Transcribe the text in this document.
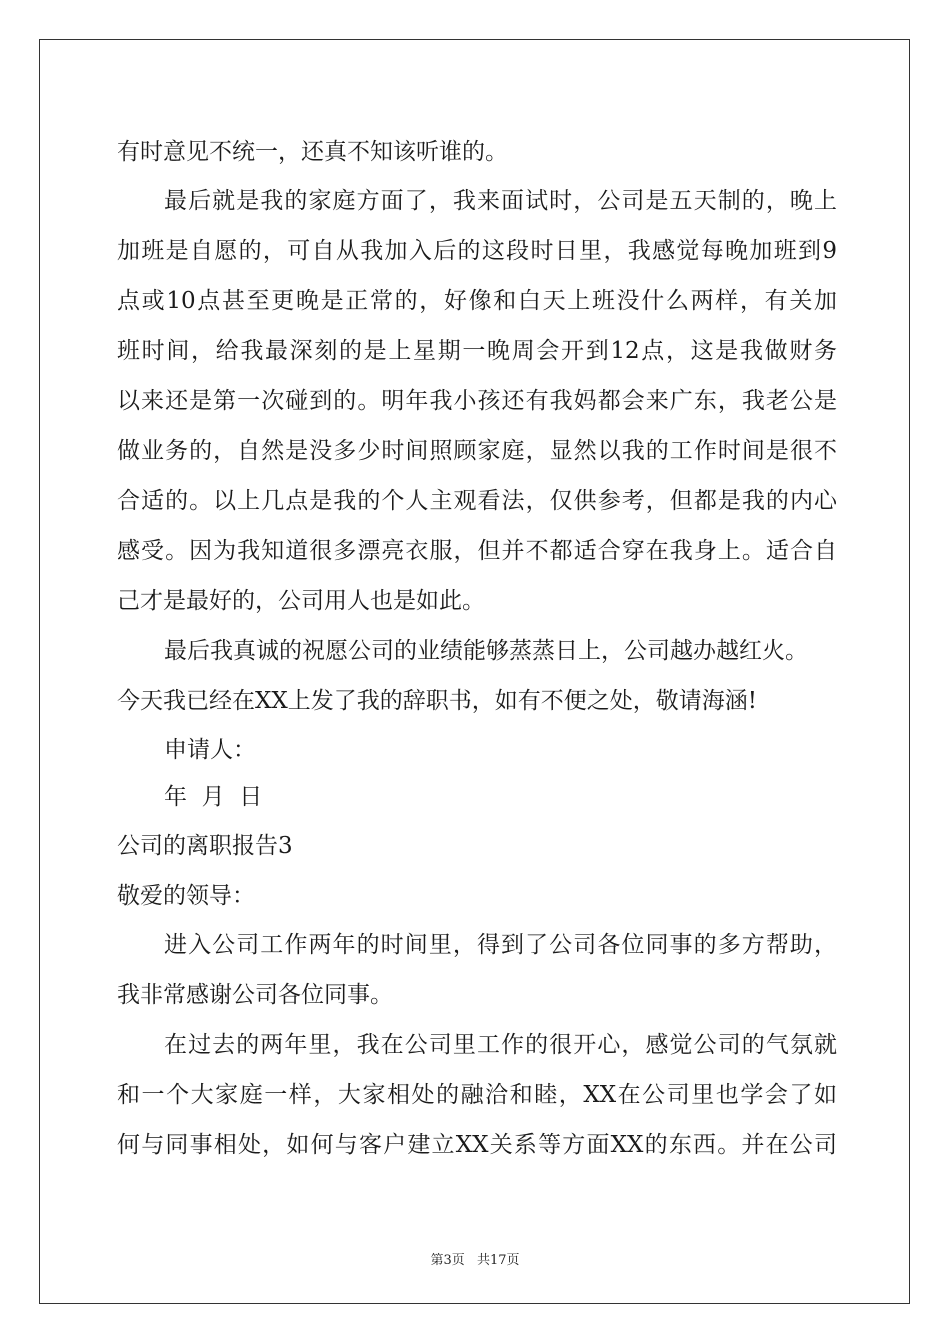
有时意见不统一，还真不知该听谁的。
最后就是我的家庭方面了，我来面试时，公司是五天制的，晚上
加班是自愿的，可自从我加入后的这段时日里，我感觉每晚加班到9
点或10点甚至更晚是正常的，好像和白天上班没什么两样，有关加
班时间，给我最深刻的是上星期一晚周会开到12点，这是我做财务
以来还是第一次碰到的。明年我小孩还有我妈都会来广东，我老公是
做业务的，自然是没多少时间照顾家庭，显然以我的工作时间是很不
合适的。以上几点是我的个人主观看法，仅供参考，但都是我的内心
感受。因为我知道很多漂亮衣服，但并不都适合穿在我身上。适合自
己才是最好的，公司用人也是如此。
最后我真诚的祝愿公司的业绩能够蒸蒸日上，公司越办越红火。
今天我已经在XX上发了我的辞职书，如有不便之处，敬请海涵!
申请人：
年  月  日
公司的离职报告3
敬爱的领导：
进入公司工作两年的时间里，得到了公司各位同事的多方帮助，
我非常感谢公司各位同事。
在过去的两年里，我在公司里工作的很开心，感觉公司的气氛就
和一个大家庭一样，大家相处的融洽和睦，XX在公司里也学会了如
何与同事相处，如何与客户建立XX关系等方面XX的东西。并在公司
第3页 共17页
